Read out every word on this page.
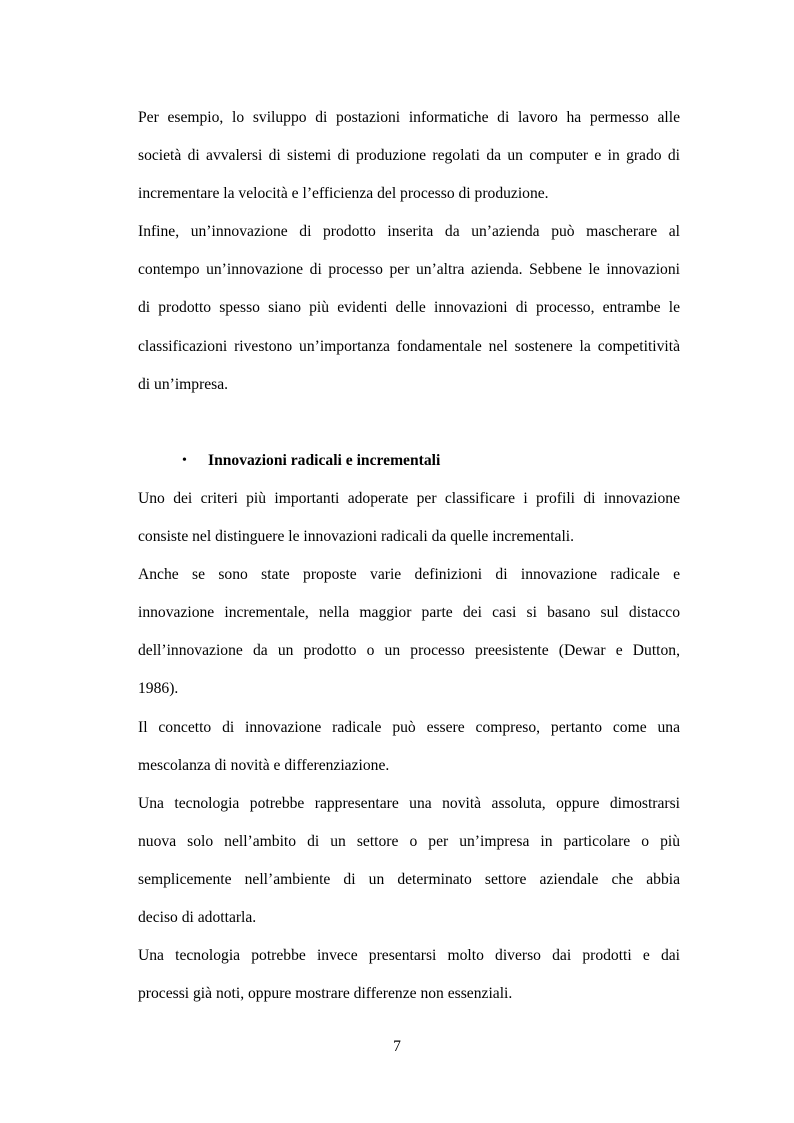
Per esempio, lo sviluppo di postazioni informatiche di lavoro ha permesso alle
società di avvalersi di sistemi di produzione regolati da un computer e in grado di
incrementare la velocità e l’efficienza del processo di produzione.
Infine, un’innovazione di prodotto inserita da un’azienda può mascherare al
contempo un’innovazione di processo per un’altra azienda. Sebbene le innovazioni
di prodotto spesso siano più evidenti delle innovazioni di processo, entrambe le
classificazioni rivestono un’importanza fondamentale nel sostenere la competitività
di un’impresa.
• Innovazioni radicali e incrementali
Uno dei criteri più importanti adoperate per classificare i profili di innovazione
consiste nel distinguere le innovazioni radicali da quelle incrementali.
Anche se sono state proposte varie definizioni di innovazione radicale e
innovazione incrementale, nella maggior parte dei casi si basano sul distacco
dell’innovazione da un prodotto o un processo preesistente (Dewar e Dutton,
1986).
Il concetto di innovazione radicale può essere compreso, pertanto come una
mescolanza di novità e differenziazione.
Una tecnologia potrebbe rappresentare una novità assoluta, oppure dimostrarsi
nuova solo nell’ambito di un settore o per un’impresa in particolare o più
semplicemente nell’ambiente di un determinato settore aziendale che abbia
deciso di adottarla.
Una tecnologia potrebbe invece presentarsi molto diverso dai prodotti e dai
processi già noti, oppure mostrare differenze non essenziali.
7
